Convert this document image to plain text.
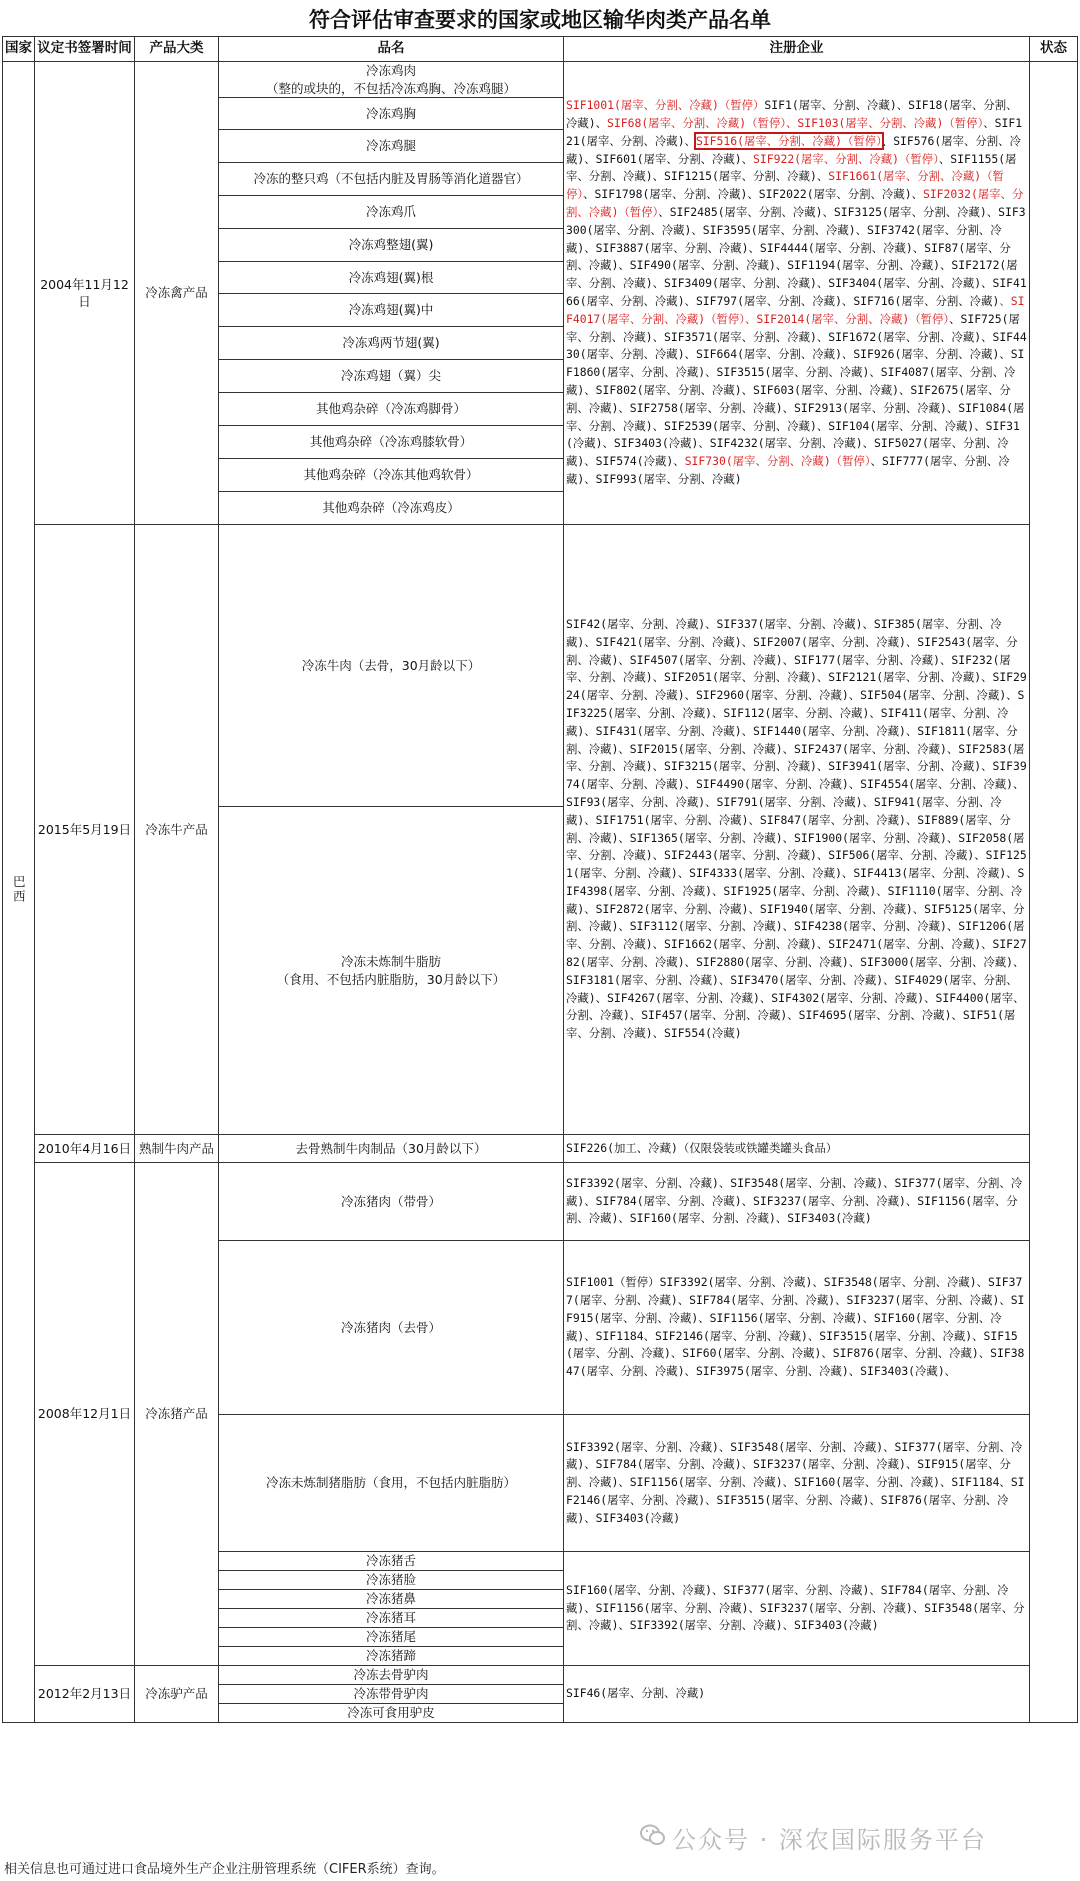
符合评估审查要求的国家或地区输华肉类产品名单
国家	议定书签署时间	产品大类	品名	注册企业	状态
巴西	2004年11月12日	冷冻禽产品	冷冻鸡肉
（整的或块的，不包括冷冻鸡胸、冷冻鸡腿）	SIF1001(屠宰、分割、冷藏)（暂停）SIF1(屠宰、分割、冷藏)、SIF18(屠宰、分割、冷藏)、SIF68(屠宰、分割、冷藏)（暂停）、SIF103(屠宰、分割、冷藏)（暂停）、SIF121(屠宰、分割、冷藏)、SIF516(屠宰、分割、冷藏)（暂停）、SIF576(屠宰、分割、冷藏)、SIF601(屠宰、分割、冷藏)、SIF922(屠宰、分割、冷藏)（暂停）、SIF1155(屠宰、分割、冷藏)、SIF1215(屠宰、分割、冷藏)、SIF1661(屠宰、分割、冷藏)（暂停）、SIF1798(屠宰、分割、冷藏)、SIF2022(屠宰、分割、冷藏)、SIF2032(屠宰、分割、冷藏)（暂停）、SIF2485(屠宰、分割、冷藏)、SIF3125(屠宰、分割、冷藏)、SIF3300(屠宰、分割、冷藏)、SIF3595(屠宰、分割、冷藏)、SIF3742(屠宰、分割、冷藏)、SIF3887(屠宰、分割、冷藏)、SIF4444(屠宰、分割、冷藏)、SIF87(屠宰、分割、冷藏)、SIF490(屠宰、分割、冷藏)、SIF1194(屠宰、分割、冷藏)、SIF2172(屠宰、分割、冷藏)、SIF3409(屠宰、分割、冷藏)、SIF3404(屠宰、分割、冷藏)、SIF4166(屠宰、分割、冷藏)、SIF797(屠宰、分割、冷藏)、SIF716(屠宰、分割、冷藏)、SIF4017(屠宰、分割、冷藏)（暂停）、SIF2014(屠宰、分割、冷藏)（暂停）、SIF725(屠宰、分割、冷藏)、SIF3571(屠宰、分割、冷藏)、SIF1672(屠宰、分割、冷藏)、SIF4430(屠宰、分割、冷藏)、SIF664(屠宰、分割、冷藏)、SIF926(屠宰、分割、冷藏)、SIF1860(屠宰、分割、冷藏)、SIF3515(屠宰、分割、冷藏)、SIF4087(屠宰、分割、冷藏)、SIF802(屠宰、分割、冷藏)、SIF603(屠宰、分割、冷藏)、SIF2675(屠宰、分割、冷藏)、SIF2758(屠宰、分割、冷藏)、SIF2913(屠宰、分割、冷藏)、SIF1084(屠宰、分割、冷藏)、SIF2539(屠宰、分割、冷藏)、SIF104(屠宰、分割、冷藏)、SIF31(冷藏)、SIF3403(冷藏)、SIF4232(屠宰、分割、冷藏)、SIF5027(屠宰、分割、冷藏)、SIF574(冷藏)、SIF730(屠宰、分割、冷藏)（暂停）、SIF777(屠宰、分割、冷藏)、SIF993(屠宰、分割、冷藏)	
			冷冻鸡胸		
			冷冻鸡腿		
			冷冻的整只鸡（不包括内脏及胃肠等消化道器官）		
			冷冻鸡爪		
			冷冻鸡整翅(翼)		
			冷冻鸡翅(翼)根		
			冷冻鸡翅(翼)中		
			冷冻鸡两节翅(翼)		
			冷冻鸡翅（翼）尖		
			其他鸡杂碎（冷冻鸡脚骨）		
			其他鸡杂碎（冷冻鸡膝软骨）		
			其他鸡杂碎（冷冻其他鸡软骨）		
			其他鸡杂碎（冷冻鸡皮）		
	2015年5月19日	冷冻牛产品	冷冻牛肉（去骨，30月龄以下）	SIF42(屠宰、分割、冷藏)、SIF337(屠宰、分割、冷藏)、SIF385(屠宰、分割、冷藏)、SIF421(屠宰、分割、冷藏)、SIF2007(屠宰、分割、冷藏)、SIF2543(屠宰、分割、冷藏)、SIF4507(屠宰、分割、冷藏)、SIF177(屠宰、分割、冷藏)、SIF232(屠宰、分割、冷藏)、SIF2051(屠宰、分割、冷藏)、SIF2121(屠宰、分割、冷藏)、SIF2924(屠宰、分割、冷藏)、SIF2960(屠宰、分割、冷藏)、SIF504(屠宰、分割、冷藏)、SIF3225(屠宰、分割、冷藏)、SIF112(屠宰、分割、冷藏)、SIF411(屠宰、分割、冷藏)、SIF431(屠宰、分割、冷藏)、SIF1440(屠宰、分割、冷藏)、SIF1811(屠宰、分割、冷藏)、SIF2015(屠宰、分割、冷藏)、SIF2437(屠宰、分割、冷藏)、SIF2583(屠宰、分割、冷藏)、SIF3215(屠宰、分割、冷藏)、SIF3941(屠宰、分割、冷藏)、SIF3974(屠宰、分割、冷藏)、SIF4490(屠宰、分割、冷藏)、SIF4554(屠宰、分割、冷藏)、SIF93(屠宰、分割、冷藏)、SIF791(屠宰、分割、冷藏)、SIF941(屠宰、分割、冷藏)、SIF1751(屠宰、分割、冷藏)、SIF847(屠宰、分割、冷藏)、SIF889(屠宰、分割、冷藏)、SIF1365(屠宰、分割、冷藏)、SIF1900(屠宰、分割、冷藏)、SIF2058(屠宰、分割、冷藏)、SIF2443(屠宰、分割、冷藏)、SIF506(屠宰、分割、冷藏)、SIF1251(屠宰、分割、冷藏)、SIF4333(屠宰、分割、冷藏)、SIF4413(屠宰、分割、冷藏)、SIF4398(屠宰、分割、冷藏)、SIF1925(屠宰、分割、冷藏)、SIF1110(屠宰、分割、冷藏)、SIF2872(屠宰、分割、冷藏)、SIF1940(屠宰、分割、冷藏)、SIF5125(屠宰、分割、冷藏)、SIF3112(屠宰、分割、冷藏)、SIF4238(屠宰、分割、冷藏)、SIF1206(屠宰、分割、冷藏)、SIF1662(屠宰、分割、冷藏)、SIF2471(屠宰、分割、冷藏)、SIF2782(屠宰、分割、冷藏)、SIF2880(屠宰、分割、冷藏)、SIF3000(屠宰、分割、冷藏)、SIF3181(屠宰、分割、冷藏)、SIF3470(屠宰、分割、冷藏)、SIF4029(屠宰、分割、冷藏)、SIF4267(屠宰、分割、冷藏)、SIF4302(屠宰、分割、冷藏)、SIF4400(屠宰、分割、冷藏)、SIF457(屠宰、分割、冷藏)、SIF4695(屠宰、分割、冷藏)、SIF51(屠宰、分割、冷藏)、SIF554(冷藏)	
			冷冻未炼制牛脂肪
（食用、不包括内脏脂肪，30月龄以下）		
	2010年4月16日	熟制牛肉产品	去骨熟制牛肉制品（30月龄以下）	SIF226(加工、冷藏)（仅限袋装或铁罐类罐头食品）	
	2008年12月1日	冷冻猪产品	冷冻猪肉（带骨）	SIF3392(屠宰、分割、冷藏)、SIF3548(屠宰、分割、冷藏)、SIF377(屠宰、分割、冷藏)、SIF784(屠宰、分割、冷藏)、SIF3237(屠宰、分割、冷藏)、SIF1156(屠宰、分割、冷藏)、SIF160(屠宰、分割、冷藏)、SIF3403(冷藏)	
			冷冻猪肉（去骨）	SIF1001（暂停）SIF3392(屠宰、分割、冷藏)、SIF3548(屠宰、分割、冷藏)、SIF377(屠宰、分割、冷藏)、SIF784(屠宰、分割、冷藏)、SIF3237(屠宰、分割、冷藏)、SIF915(屠宰、分割、冷藏)、SIF1156(屠宰、分割、冷藏)、SIF160(屠宰、分割、冷藏)、SIF1184、SIF2146(屠宰、分割、冷藏)、SIF3515(屠宰、分割、冷藏)、SIF15(屠宰、分割、冷藏)、SIF60(屠宰、分割、冷藏)、SIF876(屠宰、分割、冷藏)、SIF3847(屠宰、分割、冷藏)、SIF3975(屠宰、分割、冷藏)、SIF3403(冷藏)、	
			冷冻未炼制猪脂肪（食用，不包括内脏脂肪）	SIF3392(屠宰、分割、冷藏)、SIF3548(屠宰、分割、冷藏)、SIF377(屠宰、分割、冷藏)、SIF784(屠宰、分割、冷藏)、SIF3237(屠宰、分割、冷藏)、SIF915(屠宰、分割、冷藏)、SIF1156(屠宰、分割、冷藏)、SIF160(屠宰、分割、冷藏)、SIF1184、SIF2146(屠宰、分割、冷藏)、SIF3515(屠宰、分割、冷藏)、SIF876(屠宰、分割、冷藏)、SIF3403(冷藏)	
			冷冻猪舌	SIF160(屠宰、分割、冷藏)、SIF377(屠宰、分割、冷藏)、SIF784(屠宰、分割、冷藏)、SIF1156(屠宰、分割、冷藏)、SIF3237(屠宰、分割、冷藏)、SIF3548(屠宰、分割、冷藏)、SIF3392(屠宰、分割、冷藏)、SIF3403(冷藏)	
			冷冻猪脸		
			冷冻猪鼻		
			冷冻猪耳		
			冷冻猪尾		
			冷冻猪蹄		
	2012年2月13日	冷冻驴产品	冷冻去骨驴肉	SIF46(屠宰、分割、冷藏)	
			冷冻带骨驴肉		
			冷冻可食用驴皮		
公众号 · 深农国际服务平台
相关信息也可通过进口食品境外生产企业注册管理系统（CIFER系统）查询。
